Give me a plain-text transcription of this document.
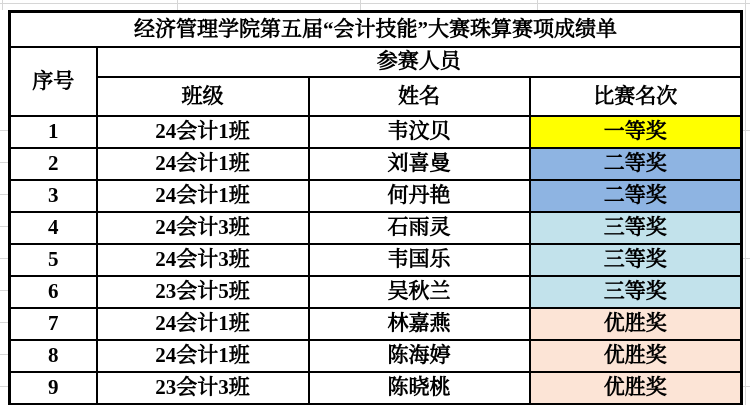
经济管理学院第五届“会计技能”大赛珠算赛项成绩单			
序号	参赛人员		
	班级	姓名	比赛名次
1	24会计1班	韦汶贝	一等奖
2	24会计1班	刘喜曼	二等奖
3	24会计1班	何丹艳	二等奖
4	24会计3班	石雨灵	三等奖
5	24会计3班	韦国乐	三等奖
6	23会计5班	吴秋兰	三等奖
7	24会计1班	林嘉燕	优胜奖
8	24会计1班	陈海婷	优胜奖
9	23会计3班	陈晓桃	优胜奖
